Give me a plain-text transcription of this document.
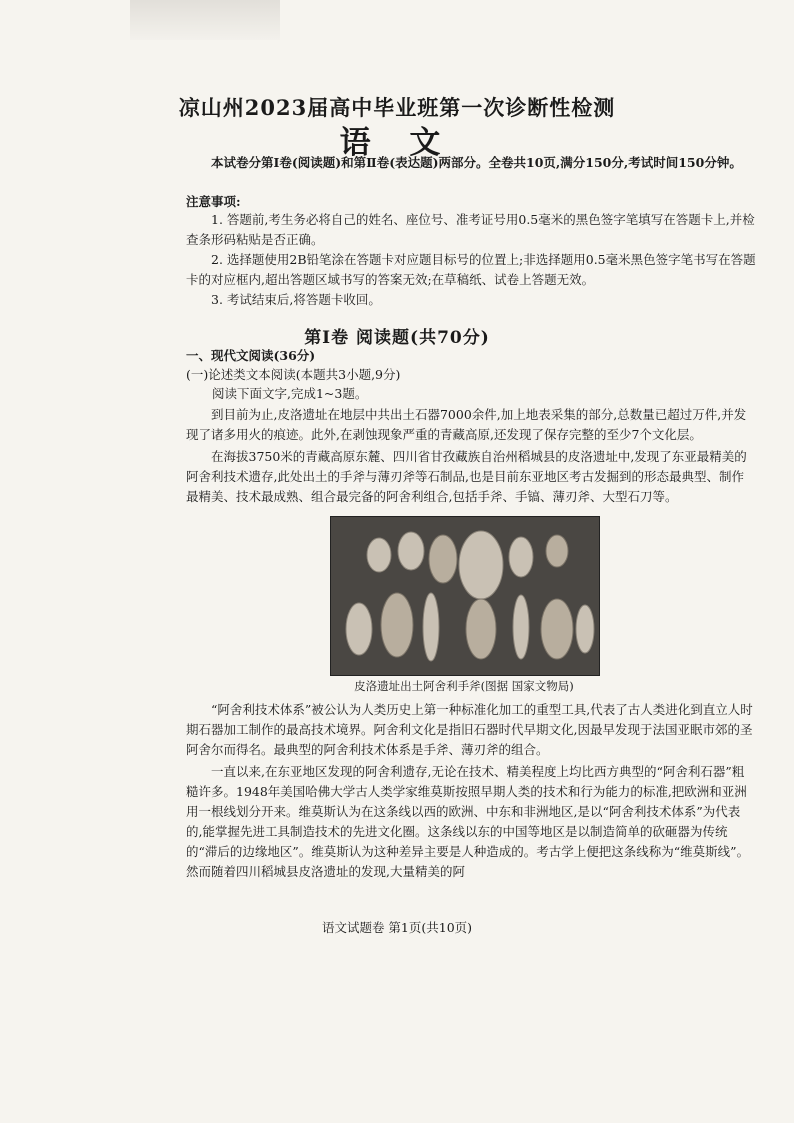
凉山州2023届高中毕业班第一次诊断性检测
语 文
本试卷分第Ⅰ卷(阅读题)和第Ⅱ卷(表达题)两部分。全卷共10页,满分150分,考试时间150分钟。
注意事项:

1. 答题前,考生务必将自己的姓名、座位号、准考证号用0.5毫米的黑色签字笔填写在答题卡上,并检查条形码粘贴是否正确。

2. 选择题使用2B铅笔涂在答题卡对应题目标号的位置上;非选择题用0.5毫米黑色签字笔书写在答题卡的对应框内,超出答题区域书写的答案无效;在草稿纸、试卷上答题无效。

3. 考试结束后,将答题卡收回。

第Ⅰ卷 阅读题(共70分)
一、现代文阅读(36分)
(一)论述类文本阅读(本题共3小题,9分)
阅读下面文字,完成1~3题。

到目前为止,皮洛遗址在地层中共出土石器7000余件,加上地表采集的部分,总数量已超过万件,并发现了诸多用火的痕迹。此外,在剥蚀现象严重的青藏高原,还发现了保存完整的至少7个文化层。

在海拔3750米的青藏高原东麓、四川省甘孜藏族自治州稻城县的皮洛遗址中,发现了东亚最精美的阿舍利技术遗存,此处出土的手斧与薄刃斧等石制品,也是目前东亚地区考古发掘到的形态最典型、制作最精美、技术最成熟、组合最完备的阿舍利组合,包括手斧、手镐、薄刃斧、大型石刀等。

皮洛遗址出土阿舍利手斧(图据 国家文物局)

“阿舍利技术体系”被公认为人类历史上第一种标准化加工的重型工具,代表了古人类进化到直立人时期石器加工制作的最高技术境界。阿舍利文化是指旧石器时代早期文化,因最早发现于法国亚眠市郊的圣阿舍尔而得名。最典型的阿舍利技术体系是手斧、薄刃斧的组合。

一直以来,在东亚地区发现的阿舍利遗存,无论在技术、精美程度上均比西方典型的“阿舍利石器”粗糙许多。1948年美国哈佛大学古人类学家维莫斯按照早期人类的技术和行为能力的标准,把欧洲和亚洲用一根线划分开来。维莫斯认为在这条线以西的欧洲、中东和非洲地区,是以“阿舍利技术体系”为代表的,能掌握先进工具制造技术的先进文化圈。这条线以东的中国等地区是以制造简单的砍砸器为传统的“滞后的边缘地区”。维莫斯认为这种差异主要是人种造成的。考古学上便把这条线称为“维莫斯线”。然而随着四川稻城县皮洛遗址的发现,大量精美的阿

语文试题卷 第1页(共10页)
